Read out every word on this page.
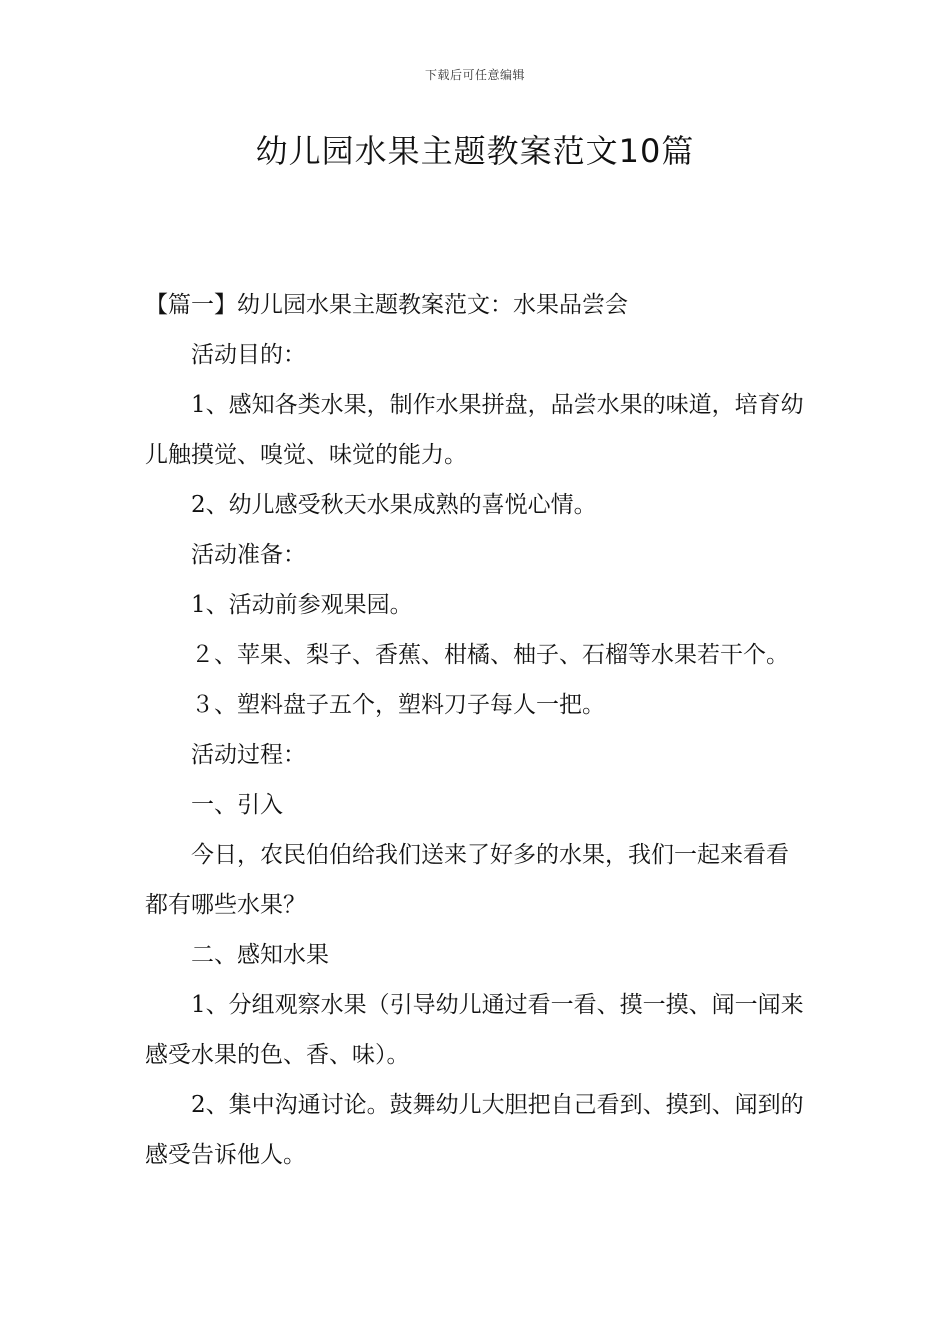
下载后可任意编辑
幼儿园水果主题教案范文10篇

【篇一】幼儿园水果主题教案范文：水果品尝会

活动目的：

1、感知各类水果，制作水果拼盘，品尝水果的味道，培育幼儿触摸觉、嗅觉、味觉的能力。

2、幼儿感受秋天水果成熟的喜悦心情。

活动准备：

1、活动前参观果园。

２、苹果、梨子、香蕉、柑橘、柚子、石榴等水果若干个。

３、塑料盘子五个，塑料刀子每人一把。

活动过程：

一、引入

今日，农民伯伯给我们送来了好多的水果，我们一起来看看都有哪些水果？

二、感知水果

1、分组观察水果（引导幼儿通过看一看、摸一摸、闻一闻来感受水果的色、香、味）。

2、集中沟通讨论。鼓舞幼儿大胆把自己看到、摸到、闻到的感受告诉他人。
